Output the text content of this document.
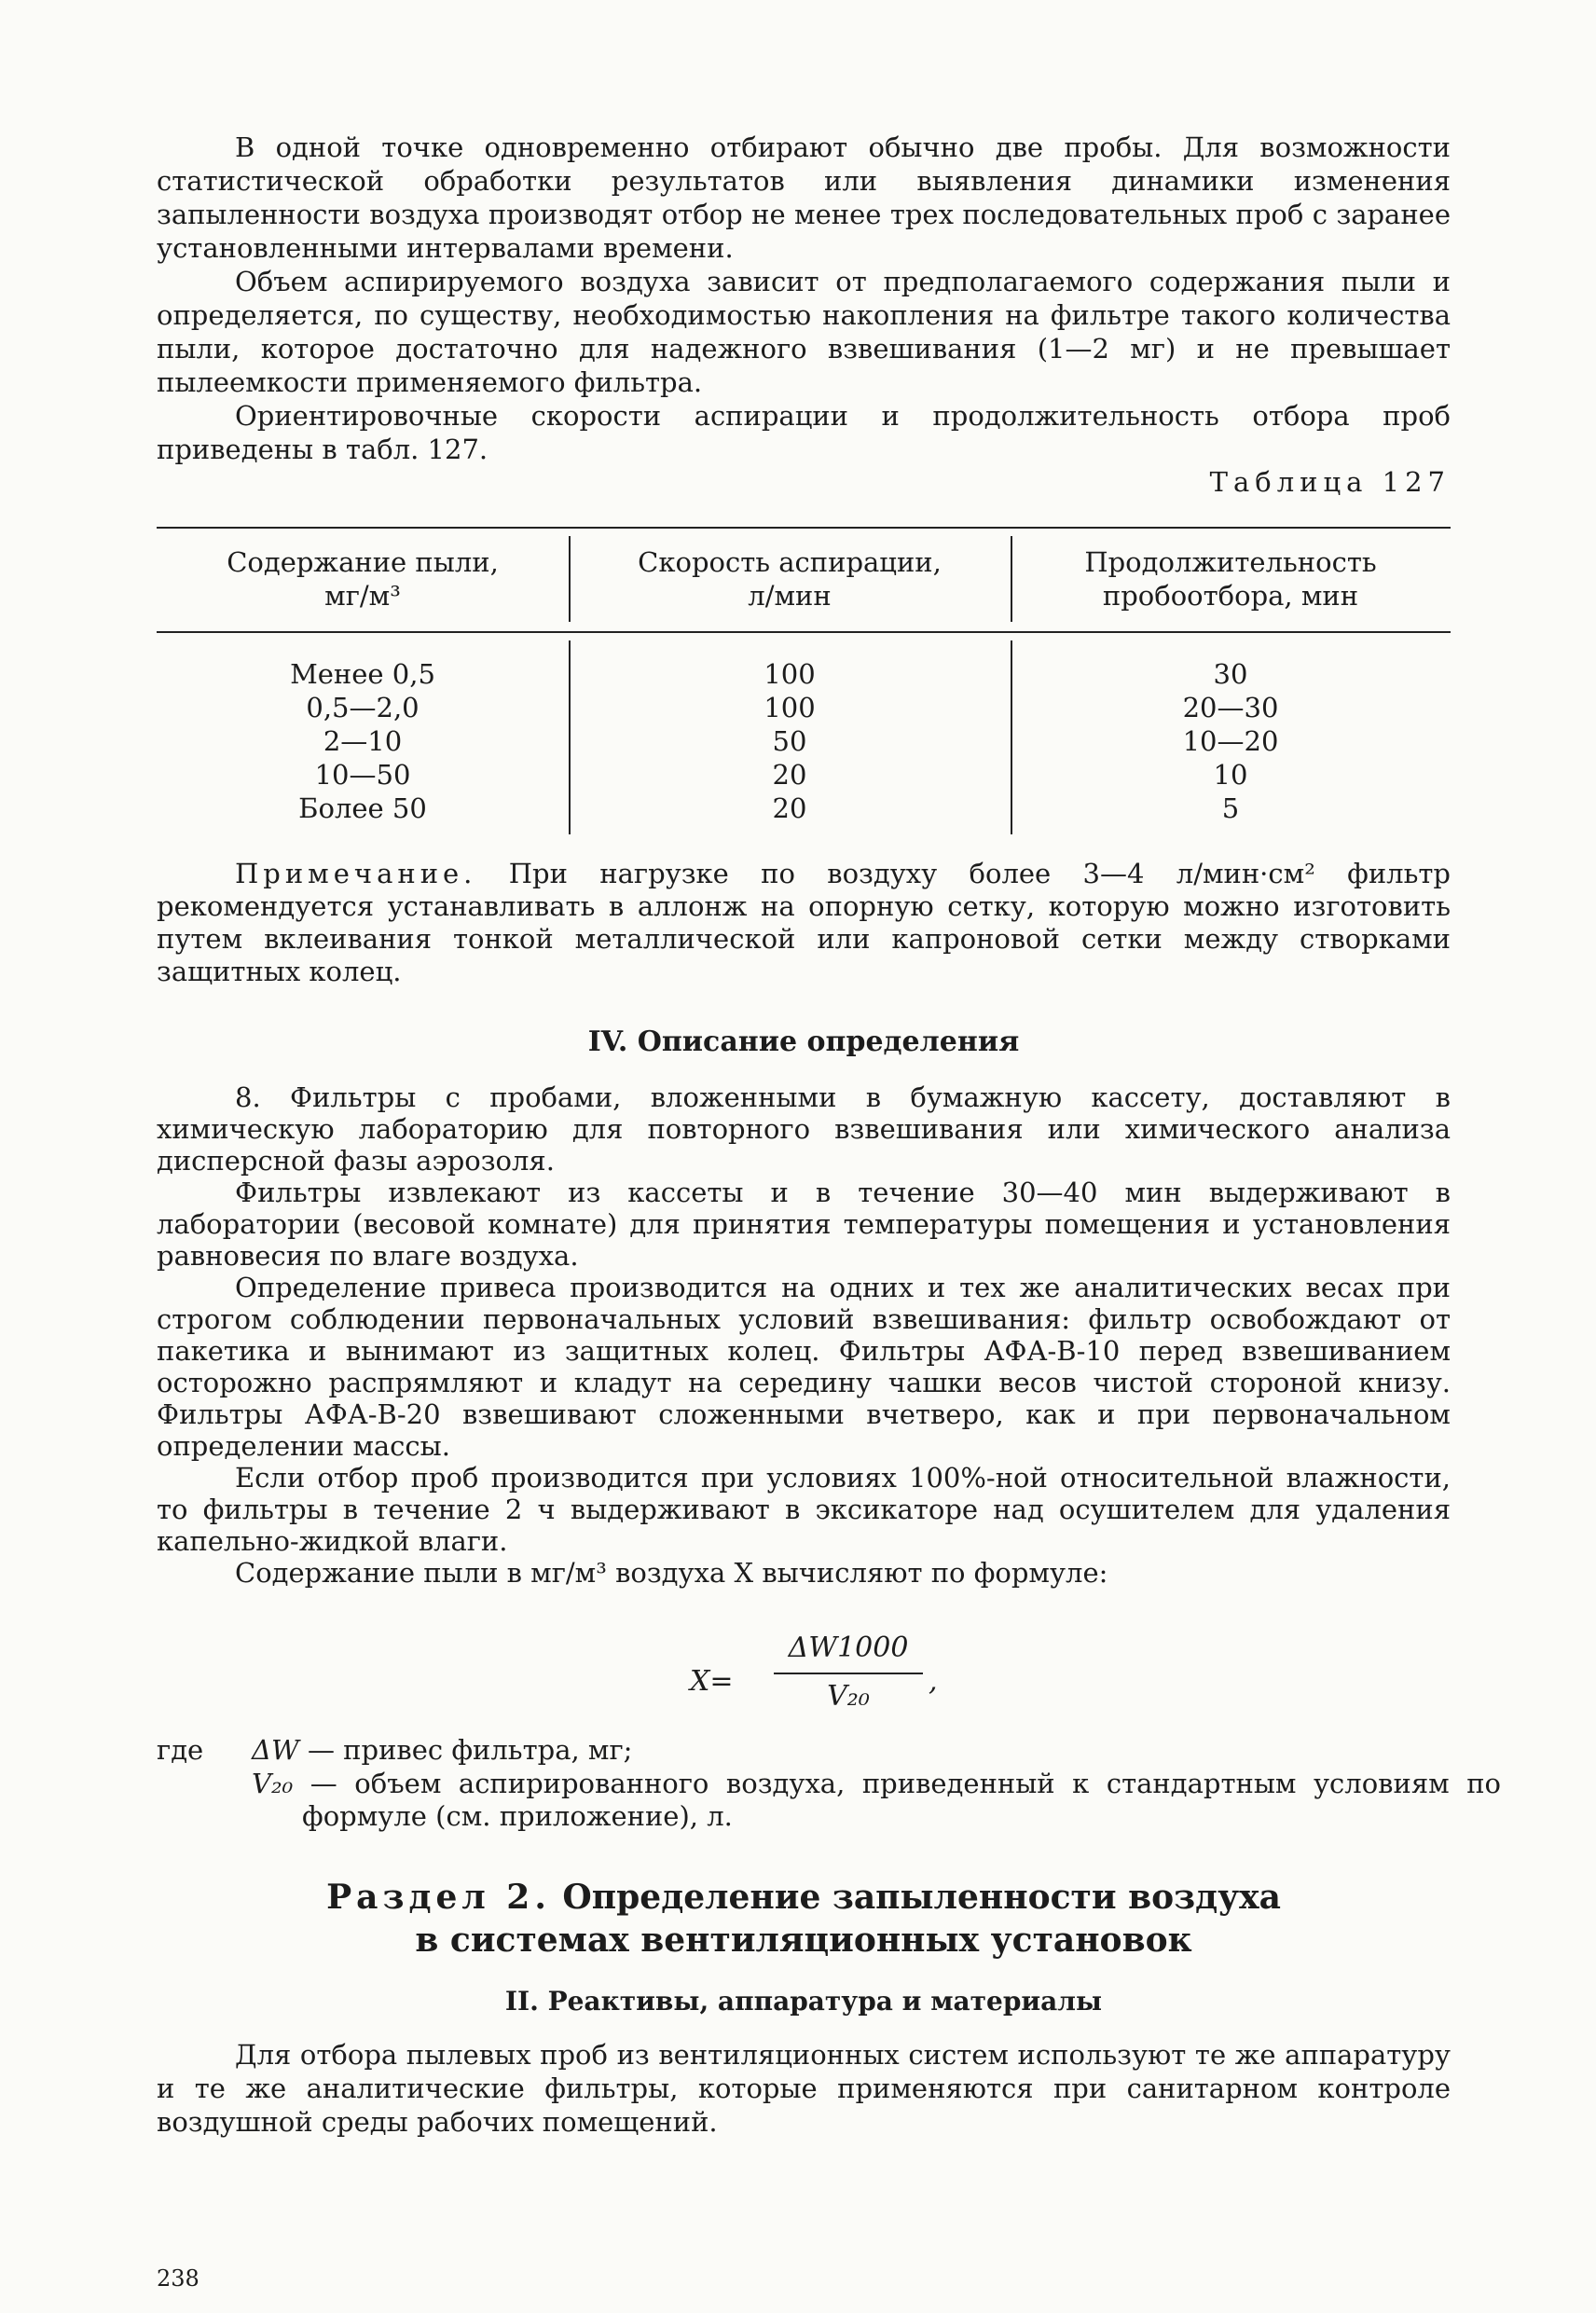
В одной точке одновременно отбирают обычно две пробы. Для возможности статистической обработки результатов или выявления динамики изменения запыленности воздуха производят отбор не менее трех последовательных проб с заранее установленными интервалами времени.

Объем аспирируемого воздуха зависит от предполагаемого содержания пыли и определяется, по существу, необходимостью накопления на фильтре такого количества пыли, которое достаточно для надежного взвешивания (1—2 мг) и не превышает пылеемкости применяемого фильтра.

Ориентировочные скорости аспирации и продолжительность отбора проб приведены в табл. 127.

Таблица 127
Содержание пыли,
мг/м³
Скорость аспирации,
л/мин
Продолжительность
пробоотбора, мин
Менее 0,5
0,5—2,0
2—10
10—50
Более 50
100
100
50
20
20
30
20—30
10—20
10
5

Примечание. При нагрузке по воздуху более 3—4 л/мин·см² фильтр рекомендуется устанавливать в аллонж на опорную сетку, которую можно изготовить путем вклеивания тонкой металлической или капроновой сетки между створками защитных колец.

IV. Описание определения

8. Фильтры с пробами, вложенными в бумажную кассету, доставляют в химическую лабораторию для повторного взвешивания или химического анализа дисперсной фазы аэрозоля.

Фильтры извлекают из кассеты и в течение 30—40 мин выдерживают в лаборатории (весовой комнате) для принятия температуры помещения и установления равновесия по влаге воздуха.

Определение привеса производится на одних и тех же аналитических весах при строгом соблюдении первоначальных условий взвешивания: фильтр освобождают от пакетика и вынимают из защитных колец. Фильтры АФА-В-10 перед взвешиванием осторожно распрямляют и кладут на середину чашки весов чистой стороной книзу. Фильтры АФА-В-20 взвешивают сложенными вчетверо, как и при первоначальном определении массы.

Если отбор проб производится при условиях 100%-ной относительной влажности, то фильтры в течение 2 ч выдерживают в эксикаторе над осушителем для удаления капельно-жидкой влаги.

Содержание пыли в мг/м³ воздуха X вычисляют по формуле:

X=
ΔW1000
V₂₀	,
где ΔW — привес фильтра, мг;
V₂₀ — объем аспирированного воздуха, приведенный к стандартным условиям по формуле (см. приложение), л.
Раздел 2. Определение запыленности воздуха
в системах вентиляционных установок
II. Реактивы, аппаратура и материалы

Для отбора пылевых проб из вентиляционных систем используют те же аппаратуру и те же аналитические фильтры, которые применяются при санитарном контроле воздушной среды рабочих помещений.

238
